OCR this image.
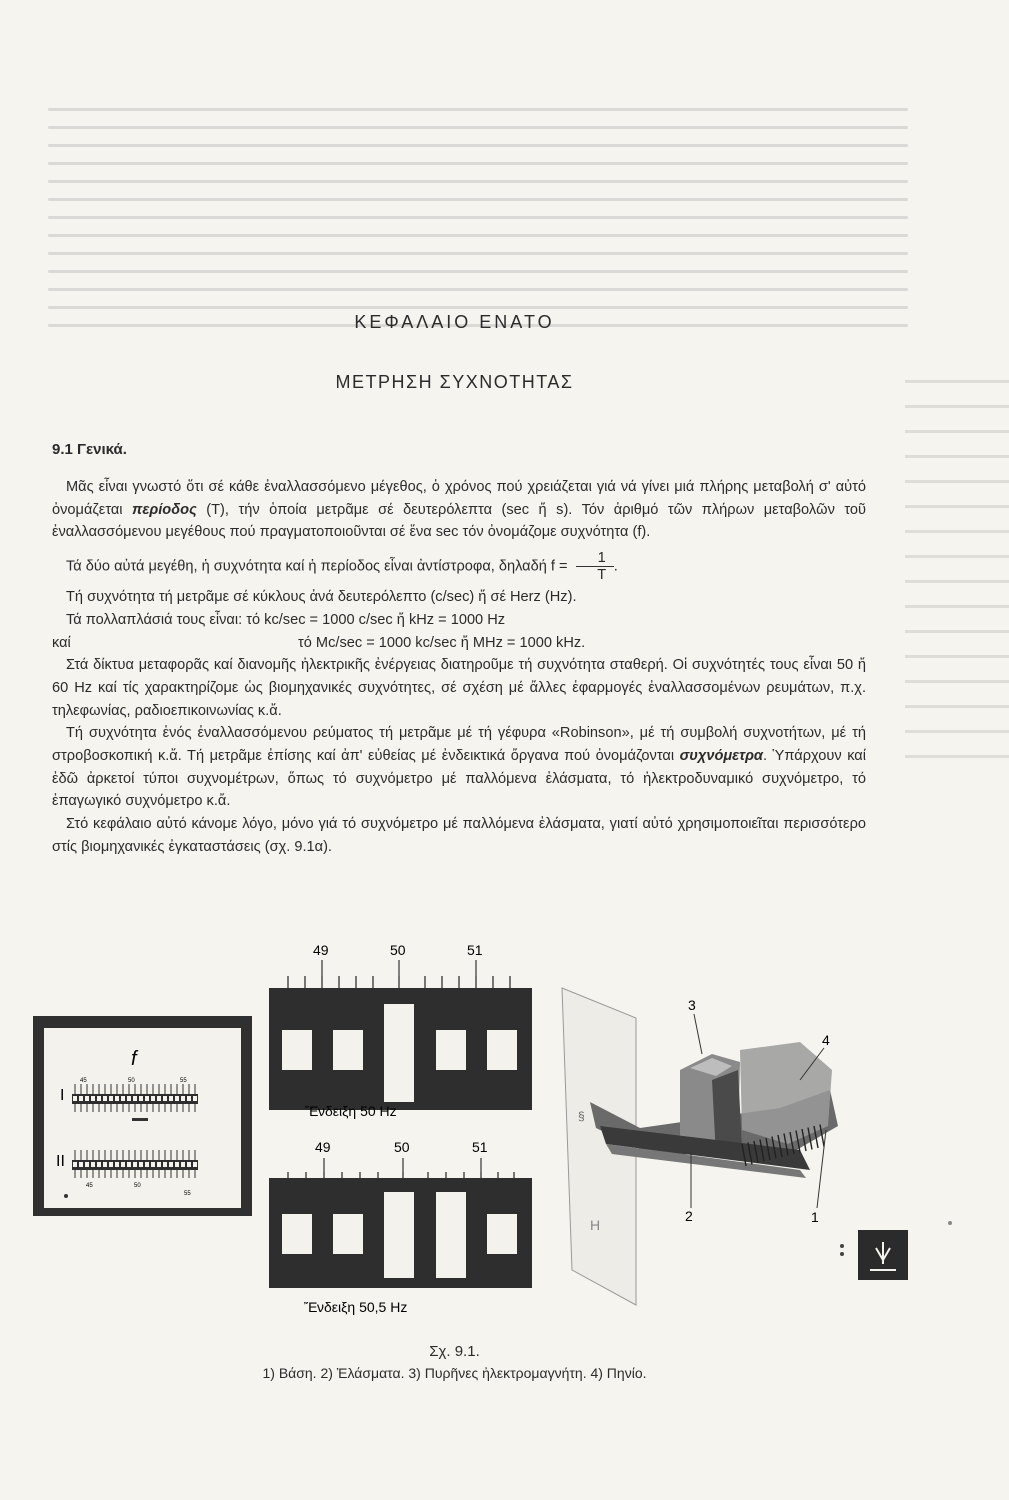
ΚΕΦΑΛΑΙΟ ΕΝΑΤΟ
ΜΕΤΡΗΣΗ ΣΥΧΝΟΤΗΤΑΣ
9.1 Γενικά.

Μᾶς εἶναι γνωστό ὅτι σέ κάθε ἐναλλασσόμενο μέγεθος, ὁ χρόνος πού χρειάζεται γιά νά γίνει μιά πλήρης μεταβολή σ' αὐτό ὀνομάζεται περίοδος (T), τήν ὁποία μετρᾶμε σέ δευτερόλεπτα (sec ἤ s). Τόν ἀριθμό τῶν πλήρων μεταβολῶν τοῦ ἐναλλασσόμενου μεγέθους πού πραγματοποιοῦνται σέ ἕνα sec τόν ὀνομάζομε συχνότητα (f).

Τά δύο αὐτά μεγέθη, ἡ συχνότητα καί ἡ περίοδος εἶναι ἀντίστροφα, δηλαδή $f = \frac{1}{T}$ .

Τή συχνότητα τή μετρᾶμε σέ κύκλους ἀνά δευτερόλεπτο (c/sec) ἤ σέ Herz (Hz).

Τά πολλαπλάσιά τους εἶναι: τό kc/sec = 1000 c/sec ἤ kHz = 1000 Hz

καί	τό Mc/sec = 1000 kc/sec ἤ MHz = 1000 kHz.

Στά δίκτυα μεταφορᾶς καί διανομῆς ἠλεκτρικῆς ἐνέργειας διατηροῦμε τή συχνότητα σταθερή. Οἱ συχνότητές τους εἶναι 50 ἤ 60 Hz καί τίς χαρακτηρίζομε ὡς βιομηχανικές συχνότητες, σέ σχέση μέ ἄλλες ἐφαρμογές ἐναλλασσομένων ρευμάτων, π.χ. τηλεφωνίας, ραδιοεπικοινωνίας κ.ἄ.

Τή συχνότητα ἑνός ἐναλλασσόμενου ρεύματος τή μετρᾶμε μέ τή γέφυρα «Robinson», μέ τή συμβολή συχνοτήτων, μέ τή στροβοσκοπική κ.ἄ. Τή μετρᾶμε ἐπίσης καί ἀπ' εὐθείας μέ ἐνδεικτικά ὄργανα πού ὀνομάζονται συχνόμετρα. Ὑπάρχουν καί ἐδῶ ἀρκετοί τύποι συχνομέτρων, ὅπως τό συχνόμετρο μέ παλλόμενα ἐλάσματα, τό ἠλεκτροδυναμικό συχνόμετρο, τό ἐπαγωγικό συχνόμετρο κ.ἄ.

Στό κεφάλαιο αὐτό κάνομε λόγο, μόνο γιά τό συχνόμετρο μέ παλλόμενα ἐλάσματα, γιατί αὐτό χρησιμοποιεῖται περισσότερο στίς βιομηχανικές ἐγκαταστάσεις (σχ. 9.1α).

f
I
II
45	50	55
45	50
55
49	50	51
Ἔνδειξη 50 Hz
49	50	51
Ἔνδειξη 50,5 Hz
§
H
3
4
2	1
Σχ. 9.1.
1) Βάση. 2) Ἐλάσματα. 3) Πυρῆνες ἠλεκτρομαγνήτη. 4) Πηνίο.
